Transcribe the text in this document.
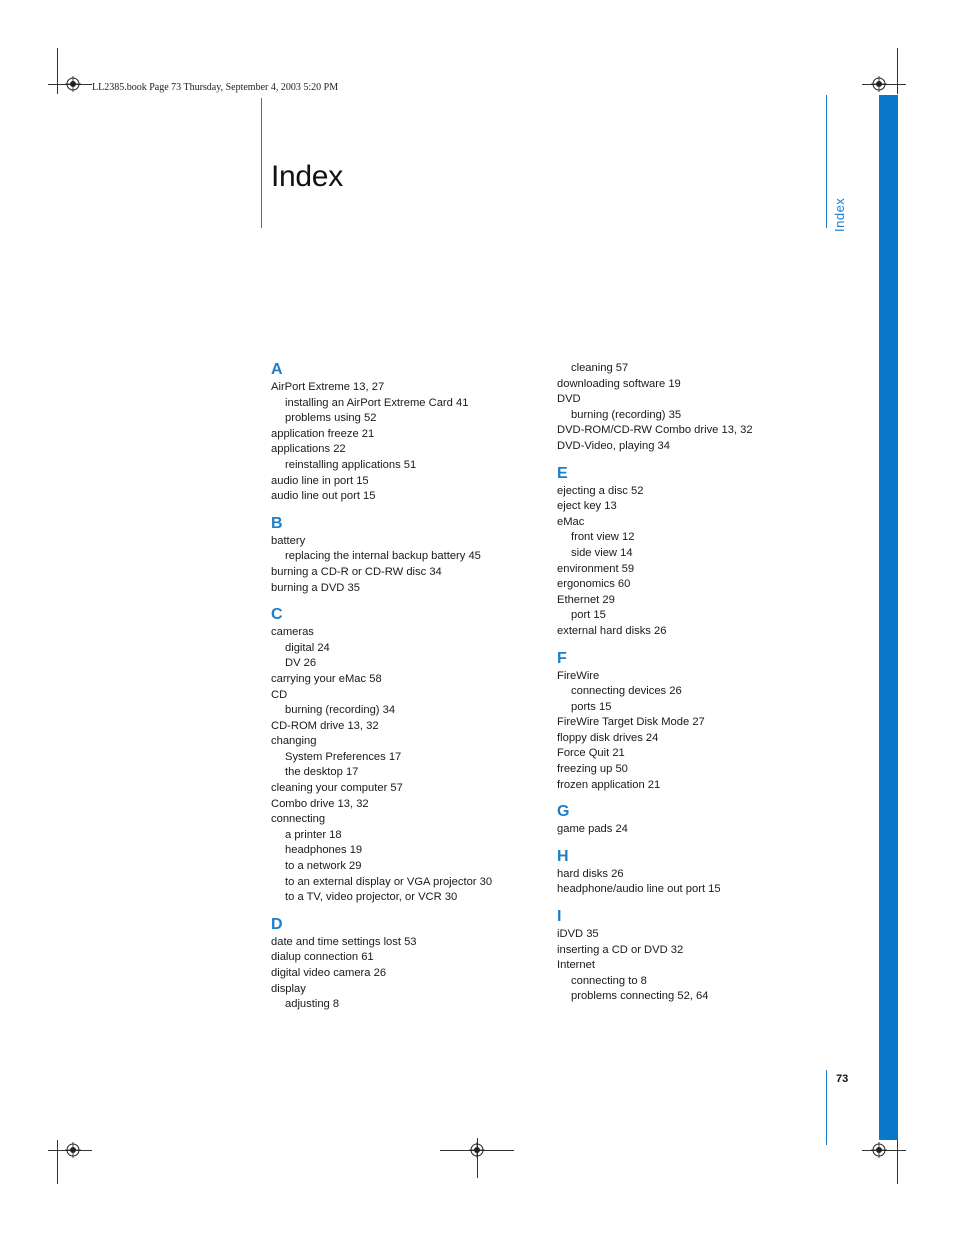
LL2385.book Page 73 Thursday, September 4, 2003 5:20 PM
Index
Index
A
AirPort Extreme 13, 27
installing an AirPort Extreme Card 41
problems using 52
application freeze 21
applications 22
reinstalling applications 51
audio line in port 15
audio line out port 15
B
battery
replacing the internal backup battery 45
burning a CD-R or CD-RW disc 34
burning a DVD 35
C
cameras
digital 24
DV 26
carrying your eMac 58
CD
burning (recording) 34
CD-ROM drive 13, 32
changing
System Preferences 17
the desktop 17
cleaning your computer 57
Combo drive 13, 32
connecting
a printer 18
headphones 19
to a network 29
to an external display or VGA projector 30
to a TV, video projector, or VCR 30
D
date and time settings lost 53
dialup connection 61
digital video camera 26
display
adjusting 8
cleaning 57
downloading software 19
DVD
burning (recording) 35
DVD-ROM/CD-RW Combo drive 13, 32
DVD-Video, playing 34
E
ejecting a disc 52
eject key 13
eMac
front view 12
side view 14
environment 59
ergonomics 60
Ethernet 29
port 15
external hard disks 26
F
FireWire
connecting devices 26
ports 15
FireWire Target Disk Mode 27
floppy disk drives 24
Force Quit 21
freezing up 50
frozen application 21
G
game pads 24
H
hard disks 26
headphone/audio line out port 15
I
iDVD 35
inserting a CD or DVD 32
Internet
connecting to 8
problems connecting 52, 64
73
